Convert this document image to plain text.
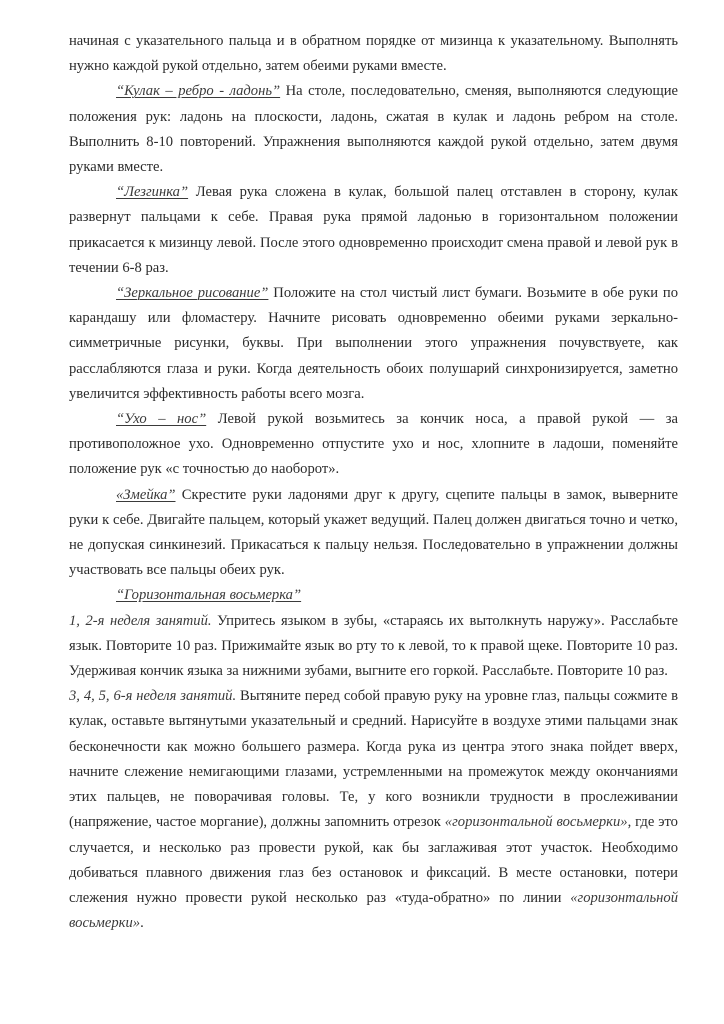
начиная с указательного пальца и в обратном порядке от мизинца к указательному. Выполнять нужно каждой рукой отдельно, затем обеими руками вместе.

“Кулак – ребро - ладонь” На столе, последовательно, сменяя, выполняются следующие положения рук: ладонь на плоскости, ладонь, сжатая в кулак и ладонь ребром на столе. Выполнить 8-10 повторений. Упражнения выполняются каждой рукой отдельно, затем двумя руками вместе.

“Лезгинка” Левая рука сложена в кулак, большой палец отставлен в сторону, кулак развернут пальцами к себе. Правая рука прямой ладонью в горизонтальном положении прикасается к мизинцу левой. После этого одновременно происходит смена правой и левой рук в течении 6-8 раз.

“Зеркальное рисование” Положите на стол чистый лист бумаги. Возьмите в обе руки по карандашу или фломастеру. Начните рисовать одновременно обеими руками зеркально-симметричные рисунки, буквы. При выполнении этого упражнения почувствуете, как расслабляются глаза и руки. Когда деятельность обоих полушарий синхронизируется, заметно увеличится эффективность работы всего мозга.

“Ухо – нос” Левой рукой возьмитесь за кончик носа, а правой рукой — за противоположное ухо. Одновременно отпустите ухо и нос, хлопните в ладоши, поменяйте положение рук «с точностью до наоборот».

«Змейка” Скрестите руки ладонями друг к другу, сцепите пальцы в замок, выверните руки к себе. Двигайте пальцем, который укажет ведущий. Палец должен двигаться точно и четко, не допуская синкинезий. Прикасаться к пальцу нельзя. Последовательно в упражнении должны участвовать все пальцы обеих рук.

“Горизонтальная восьмерка”

1, 2-я неделя занятий. Упритесь языком в зубы, «стараясь их вытолкнуть наружу». Расслабьте язык. Повторите 10 раз. Прижимайте язык во рту то к левой, то к правой щеке. Повторите 10 раз. Удерживая кончик языка за нижними зубами, выгните его горкой. Расслабьте. Повторите 10 раз.

3, 4, 5, 6-я неделя занятий. Вытяните перед собой правую руку на уровне глаз, пальцы сожмите в кулак, оставьте вытянутыми указательный и средний. Нарисуйте в воздухе этими пальцами знак бесконечности как можно большего размера. Когда рука из центра этого знака пойдет вверх, начните слежение немигающими глазами, устремленными на промежуток между окончаниями этих пальцев, не поворачивая головы. Те, у кого возникли трудности в прослеживании (напряжение, частое моргание), должны запомнить отрезок «горизонтальной восьмерки», где это случается, и несколько раз провести рукой, как бы заглаживая этот участок. Необходимо добиваться плавного движения глаз без остановок и фиксаций. В месте остановки, потери слежения нужно провести рукой несколько раз «туда-обратно» по линии «горизонтальной восьмерки».
